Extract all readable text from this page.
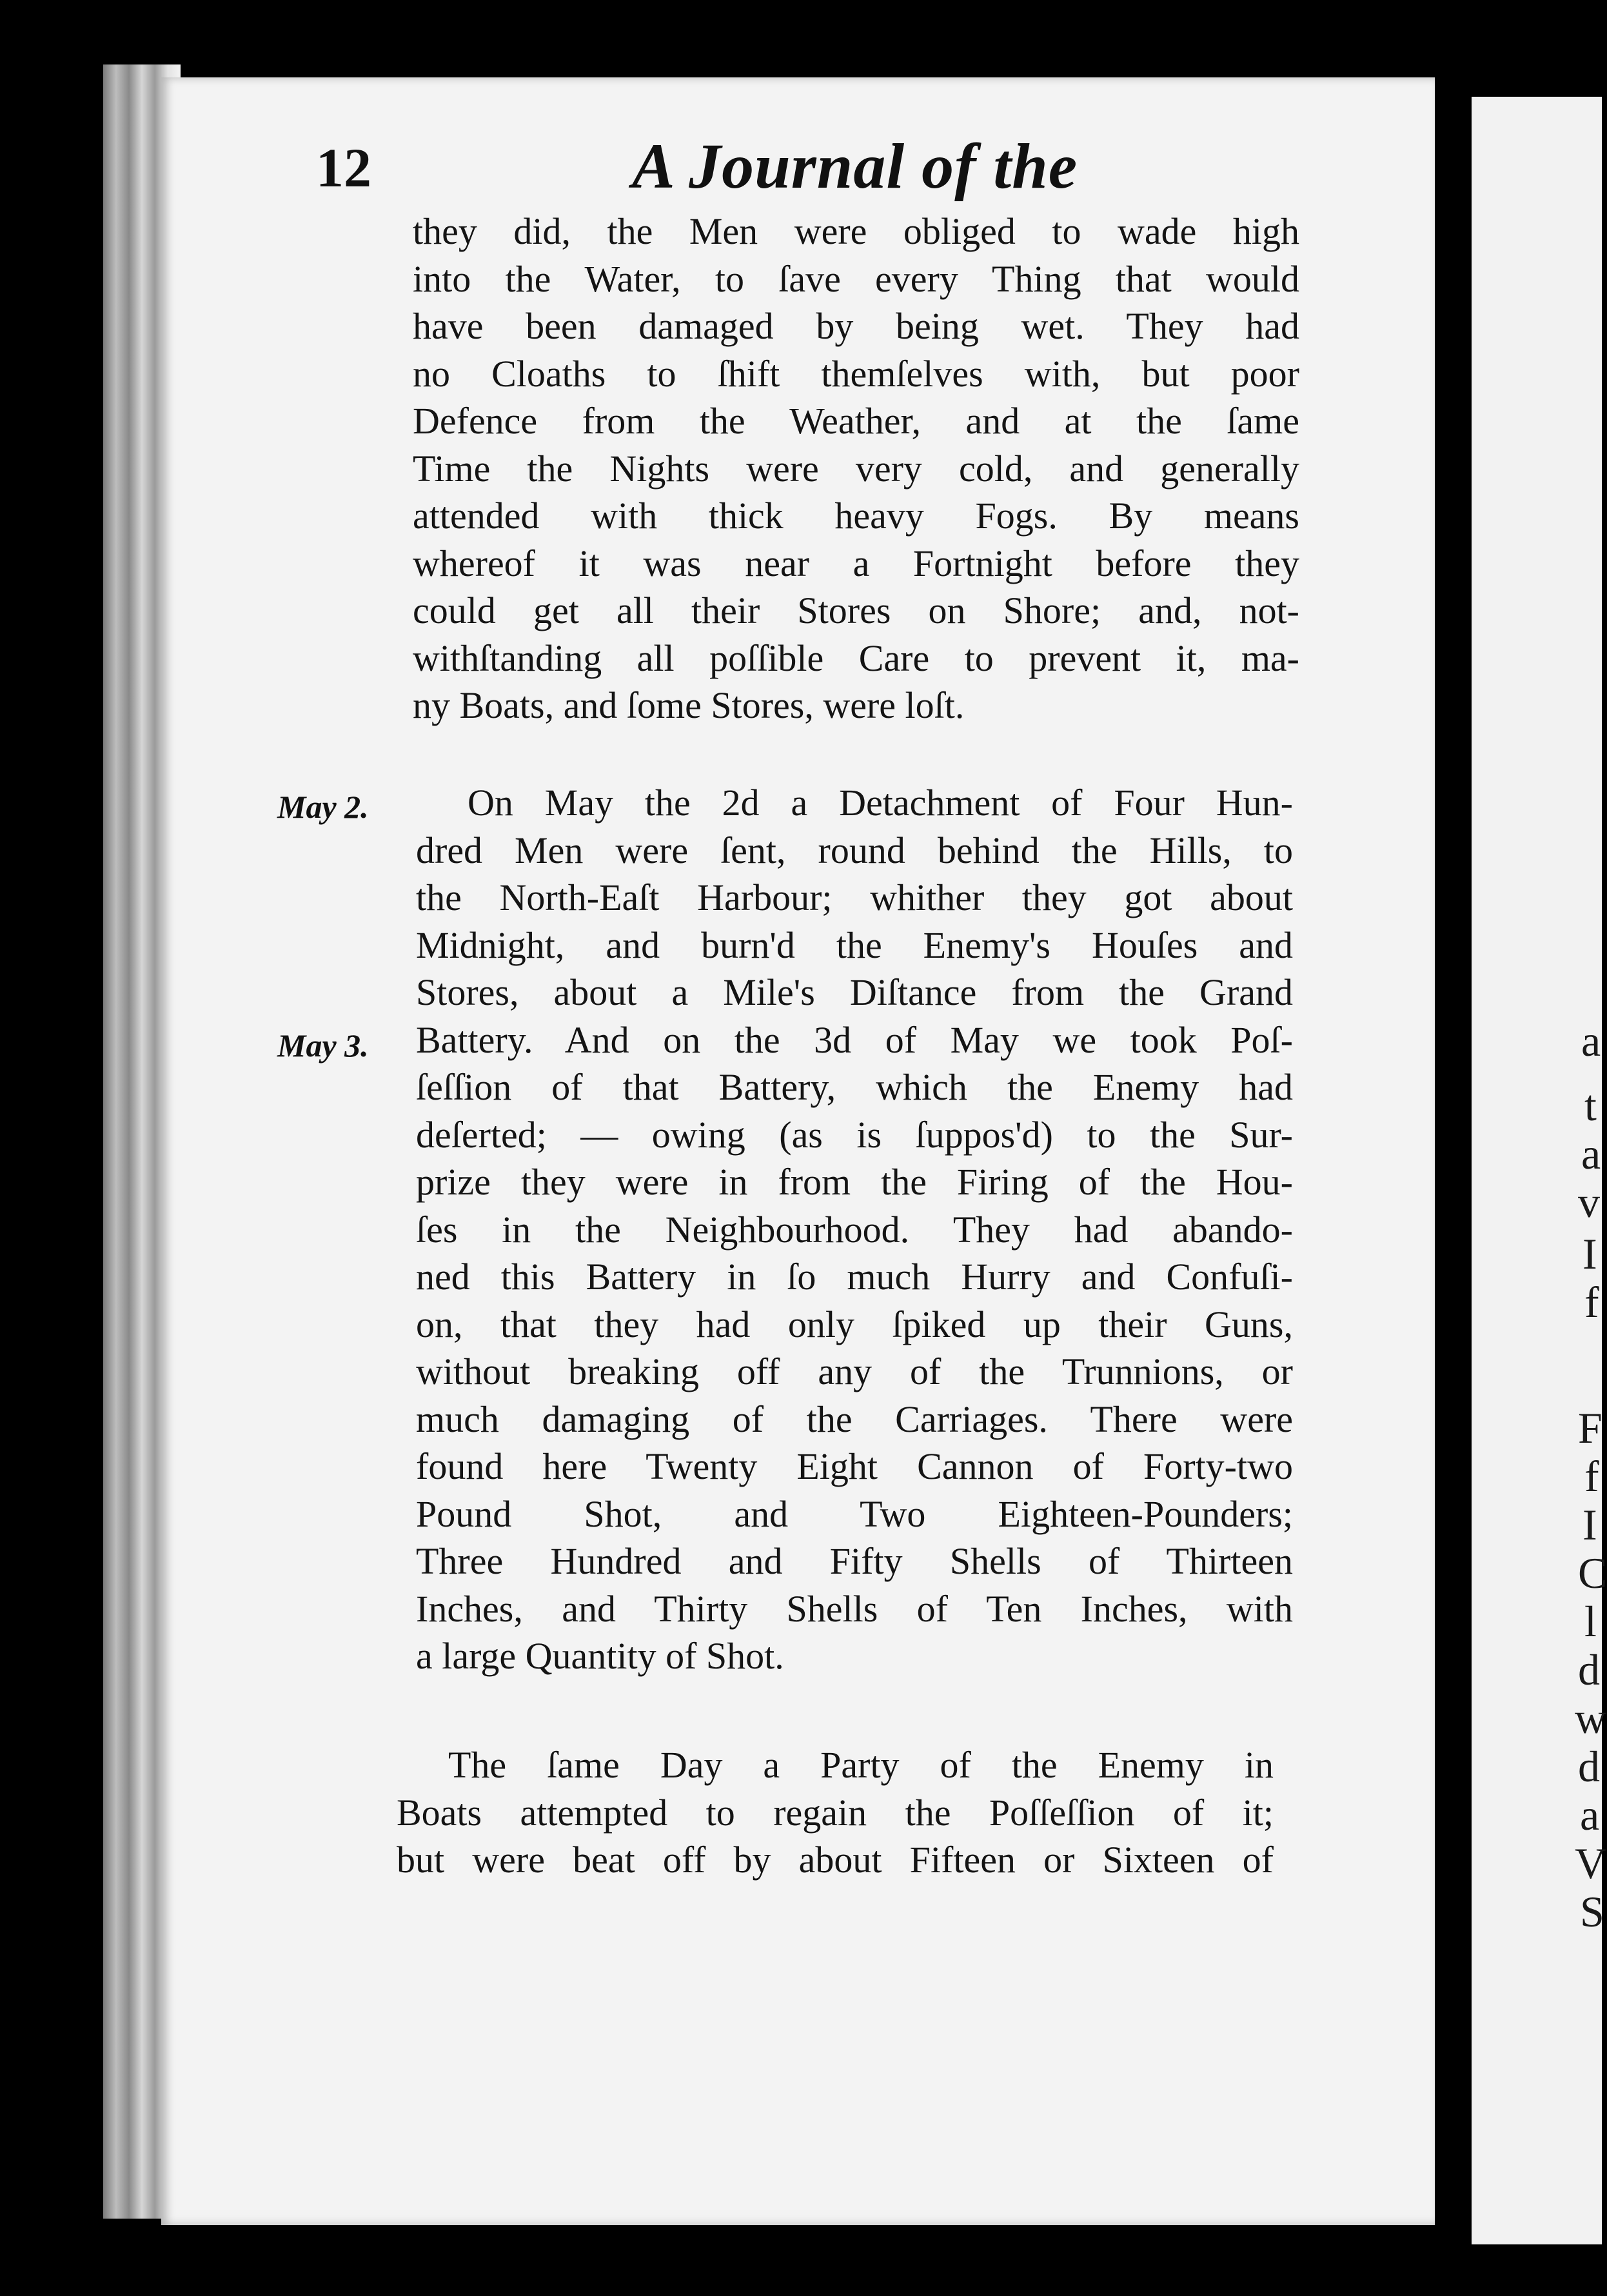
a
t
a
v
I
f
F
f
I
C
l
d
w
d
a
V
S
12	A Journal of the
they did, the Men were obliged to wade high
into the Water, to ſave every Thing that would
have been damaged by being wet. They had
no Cloaths to ſhift themſelves with, but poor
Defence from the Weather, and at the ſame
Time the Nights were very cold, and generally
attended with thick heavy Fogs. By means
whereof it was near a Fortnight before they
could get all their Stores on Shore; and, not-
withſtanding all poſſible Care to prevent it, ma-
ny Boats, and ſome Stores, were loſt.
May 2.
May 3.
On May the 2d a Detachment of Four Hun-
dred Men were ſent, round behind the Hills, to
the North-Eaſt Harbour; whither they got about
Midnight, and burn'd the Enemy's Houſes and
Stores, about a Mile's Diſtance from the Grand
Battery. And on the 3d of May we took Poſ-
ſeſſion of that Battery, which the Enemy had
deſerted; — owing (as is ſuppos'd) to the Sur-
prize they were in from the Firing of the Hou-
ſes in the Neighbourhood. They had abando-
ned this Battery in ſo much Hurry and Confuſi-
on, that they had only ſpiked up their Guns,
without breaking off any of the Trunnions, or
much damaging of the Carriages. There were
found here Twenty Eight Cannon of Forty-two
Pound Shot, and Two Eighteen-Pounders;
Three Hundred and Fifty Shells of Thirteen
Inches, and Thirty Shells of Ten Inches, with
a large Quantity of Shot.
The ſame Day a Party of the Enemy in
Boats attempted to regain the Poſſeſſion of it;
but were beat off by about Fifteen or Sixteen of
